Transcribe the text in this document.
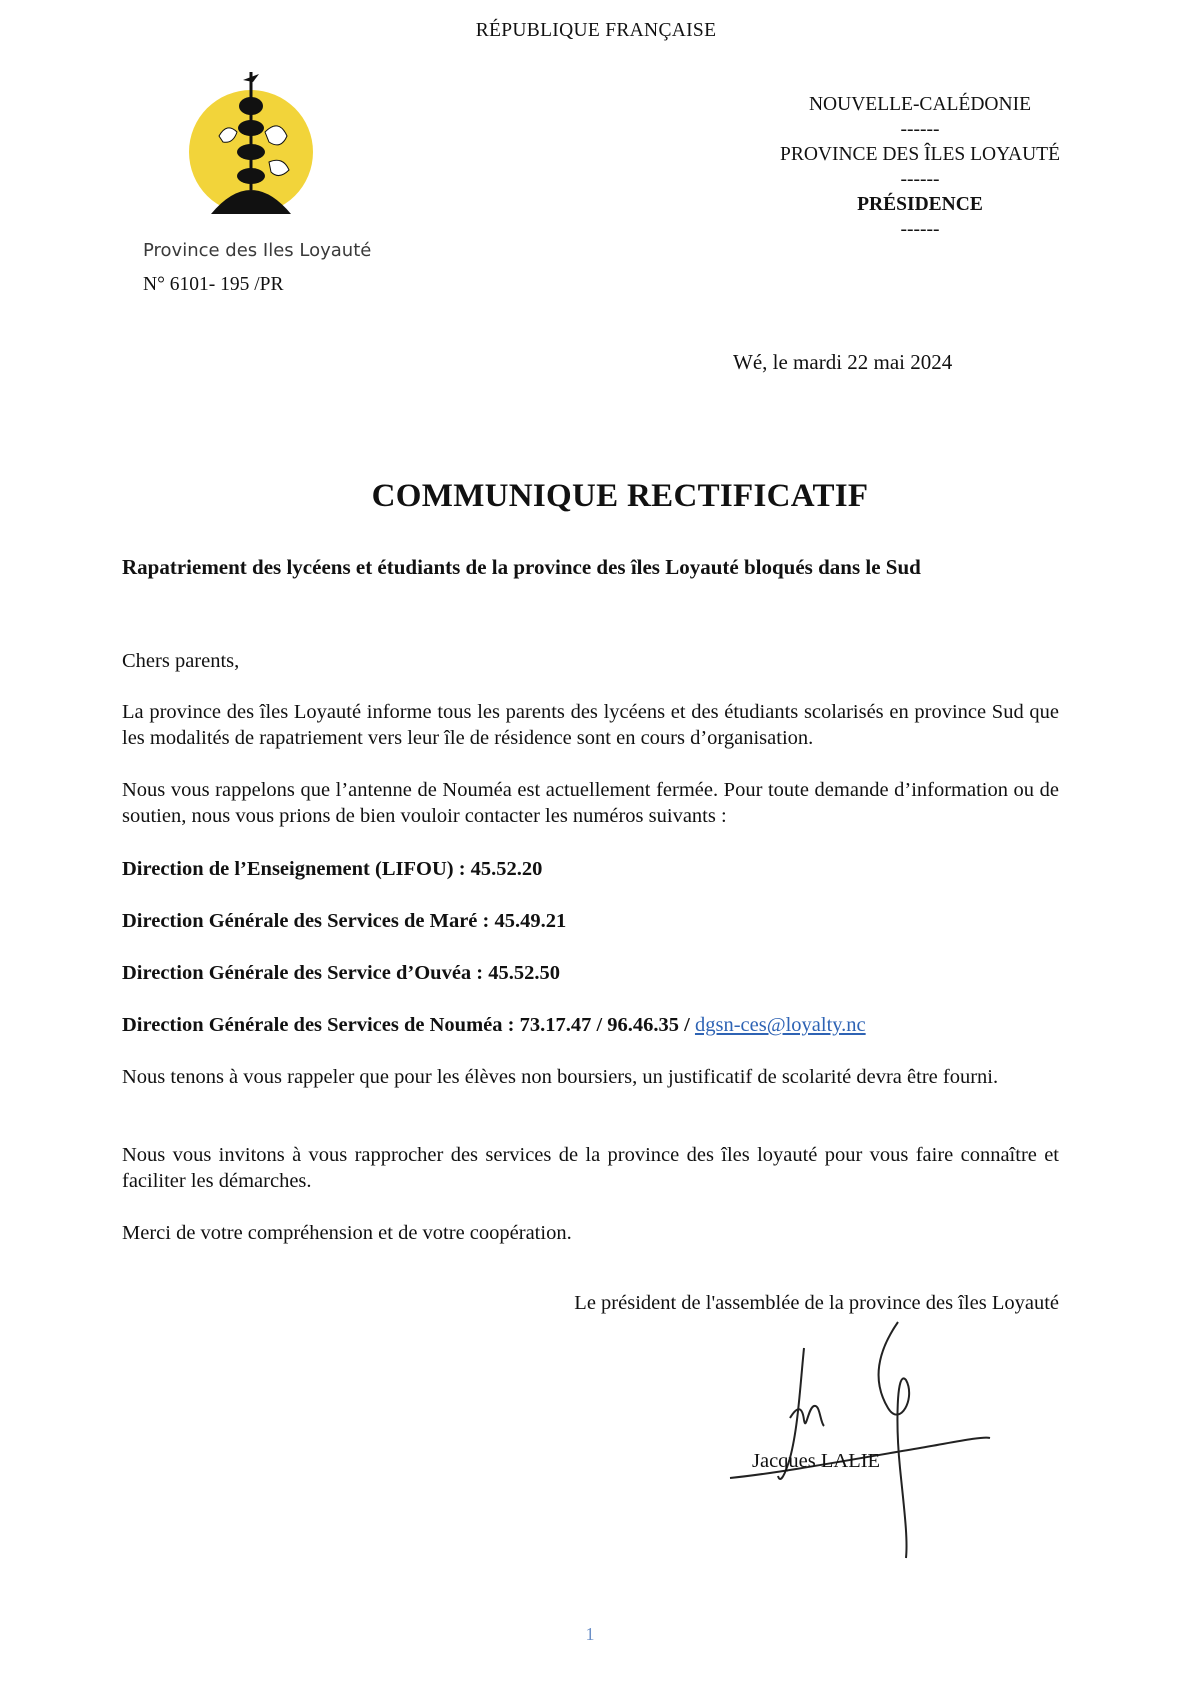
RÉPUBLIQUE FRANÇAISE
Province des Iles Loyauté
N° 6101- 195 /PR
NOUVELLE-CALÉDONIE
------
PROVINCE DES ÎLES LOYAUTÉ
------
PRÉSIDENCE
------
Wé, le mardi 22 mai 2024
COMMUNIQUE RECTIFICATIF
Rapatriement des lycéens et étudiants de la province des îles Loyauté bloqués dans le Sud
Chers parents,
La province des îles Loyauté informe tous les parents des lycéens et des étudiants scolarisés en province Sud que les modalités de rapatriement vers leur île de résidence sont en cours d’organisation.
Nous vous rappelons que l’antenne de Nouméa est actuellement fermée. Pour toute demande d’information ou de soutien, nous vous prions de bien vouloir contacter les numéros suivants :
Direction de l’Enseignement (LIFOU) : 45.52.20
Direction Générale des Services de Maré : 45.49.21
Direction Générale des Service d’Ouvéa : 45.52.50
Direction Générale des Services de Nouméa : 73.17.47 / 96.46.35 / dgsn-ces@loyalty.nc
Nous tenons à vous rappeler que pour les élèves non boursiers, un justificatif de scolarité devra être fourni.
Nous vous invitons à vous rapprocher des services de la province des îles loyauté pour vous faire connaître et faciliter les démarches.
Merci de votre compréhension et de votre coopération.
Le président de l'assemblée de la province des îles Loyauté
Jacques LALIE
1
